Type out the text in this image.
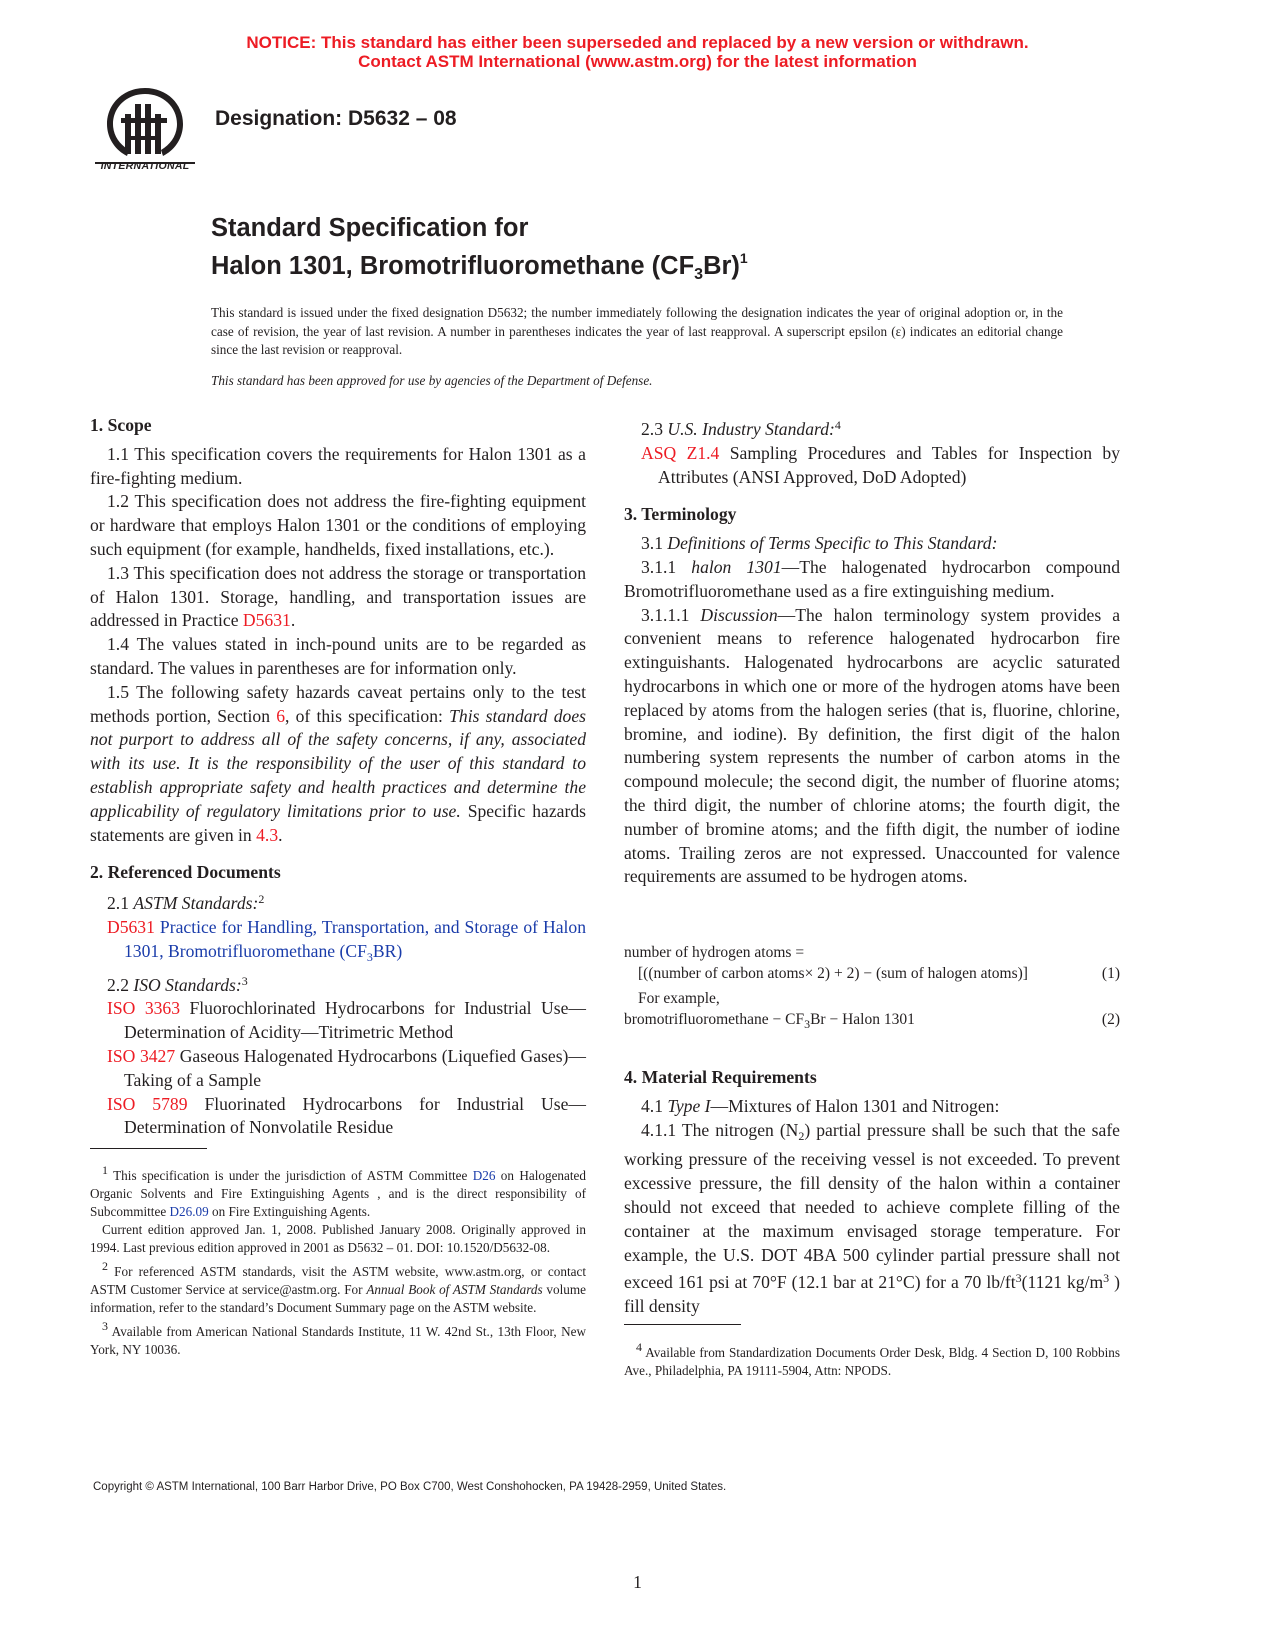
NOTICE: This standard has either been superseded and replaced by a new version or withdrawn.
Contact ASTM International (www.astm.org) for the latest information
INTERNATIONAL
Designation: D5632 – 08
Standard Specification for
Halon 1301, Bromotrifluoromethane $(CF_3Br)^1$
This standard is issued under the fixed designation D5632; the number immediately following the designation indicates the year of original adoption or, in the case of revision, the year of last revision. A number in parentheses indicates the year of last reapproval. A superscript epsilon (ε) indicates an editorial change since the last revision or reapproval.
This standard has been approved for use by agencies of the Department of Defense.

1. Scope

1.1 This specification covers the requirements for Halon 1301 as a fire-fighting medium.

1.2 This specification does not address the fire-fighting equipment or hardware that employs Halon 1301 or the conditions of employing such equipment (for example, handhelds, fixed installations, etc.).

1.3 This specification does not address the storage or transportation of Halon 1301. Storage, handling, and transportation issues are addressed in Practice D5631.

1.4 The values stated in inch-pound units are to be regarded as standard. The values in parentheses are for information only.

1.5 The following safety hazards caveat pertains only to the test methods portion, Section 6, of this specification: This standard does not purport to address all of the safety concerns, if any, associated with its use. It is the responsibility of the user of this standard to establish appropriate safety and health practices and determine the applicability of regulatory limitations prior to use. Specific hazards statements are given in 4.3.

2. Referenced Documents

2.1 ASTM Standards:$^2$

D5631 Practice for Handling, Transportation, and Storage of Halon 1301, Bromotrifluoromethane $(CF_3BR)$

2.2 ISO Standards:$^3$

ISO 3363 Fluorochlorinated Hydrocarbons for Industrial Use—Determination of Acidity—Titrimetric Method

ISO 3427 Gaseous Halogenated Hydrocarbons (Liquefied Gases)—Taking of a Sample

ISO 5789 Fluorinated Hydrocarbons for Industrial Use—Determination of Nonvolatile Residue

$^1$ This specification is under the jurisdiction of ASTM Committee D26 on Halogenated Organic Solvents and Fire Extinguishing Agents , and is the direct responsibility of Subcommittee D26.09 on Fire Extinguishing Agents.

Current edition approved Jan. 1, 2008. Published January 2008. Originally approved in 1994. Last previous edition approved in 2001 as D5632 – 01. DOI: 10.1520/D5632-08.

$^2$ For referenced ASTM standards, visit the ASTM website, www.astm.org, or contact ASTM Customer Service at service@astm.org. For Annual Book of ASTM Standards volume information, refer to the standard’s Document Summary page on the ASTM website.

$^3$ Available from American National Standards Institute, 11 W. 42nd St., 13th Floor, New York, NY 10036.

2.3 U.S. Industry Standard:$^4$

ASQ Z1.4 Sampling Procedures and Tables for Inspection by Attributes (ANSI Approved, DoD Adopted)

3. Terminology

3.1 Definitions of Terms Specific to This Standard:

3.1.1 halon 1301—The halogenated hydrocarbon compound Bromotrifluoromethane used as a fire extinguishing medium.

3.1.1.1 Discussion—The halon terminology system provides a convenient means to reference halogenated hydrocarbon fire extinguishants. Halogenated hydrocarbons are acyclic saturated hydrocarbons in which one or more of the hydrogen atoms have been replaced by atoms from the halogen series (that is, fluorine, chlorine, bromine, and iodine). By definition, the first digit of the halon numbering system represents the number of carbon atoms in the compound molecule; the second digit, the number of fluorine atoms; the third digit, the number of chlorine atoms; the fourth digit, the number of bromine atoms; and the fifth digit, the number of iodine atoms. Trailing zeros are not expressed. Unaccounted for valence requirements are assumed to be hydrogen atoms.

number of hydrogen atoms =
[((number of carbon atoms× 2) + 2) − (sum of halogen atoms)]	(1)
For example,
bromotrifluoromethane − $CF_3Br$ − Halon 1301	(2)

4. Material Requirements

4.1 Type I—Mixtures of Halon 1301 and Nitrogen:

4.1.1 The nitrogen $(N_2)$ partial pressure shall be such that the safe working pressure of the receiving vessel is not exceeded. To prevent excessive pressure, the fill density of the halon within a container should not exceed that needed to achieve complete filling of the container at the maximum envisaged storage temperature. For example, the U.S. DOT 4BA 500 cylinder partial pressure shall not exceed 161 psi at 70°F (12.1 bar at 21°C) for a 70 $lb/ft^3(1121$ $kg/m^3$ ) fill density

$^4$ Available from Standardization Documents Order Desk, Bldg. 4 Section D, 100 Robbins Ave., Philadelphia, PA 19111-5904, Attn: NPODS.

Copyright © ASTM International, 100 Barr Harbor Drive, PO Box C700, West Conshohocken, PA 19428-2959, United States.
1
